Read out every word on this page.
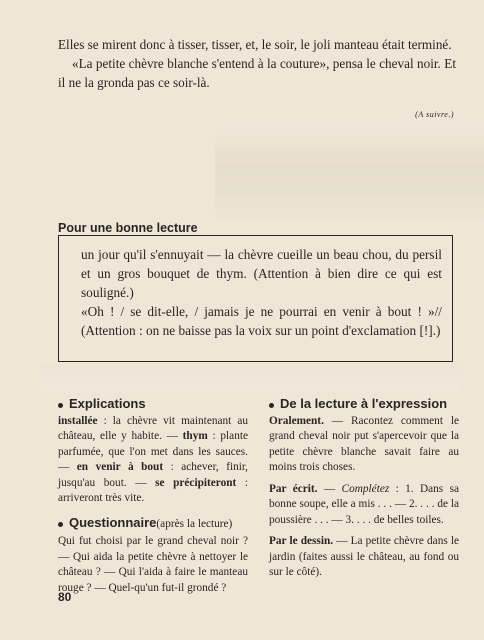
Elles se mirent donc à tisser, tisser, et, le soir, le joli manteau était terminé.

«La petite chèvre blanche s'entend à la couture», pensa le cheval noir. Et il ne la gronda pas ce soir-là.

(A suivre.)
Pour une bonne lecture

un jour qu'il s'ennuyait — la chèvre cueille un beau chou, du persil et un gros bouquet de thym. (Attention à bien dire ce qui est souligné.)

«Oh ! / se dit-elle, / jamais je ne pourrai en venir à bout ! »// (Attention : on ne baisse pas la voix sur un point d'exclamation [!].)

Explications

installée : la chèvre vit maintenant au château, elle y habite. — thym : plante parfumée, que l'on met dans les sauces. — en venir à bout : achever, finir, jusqu'au bout. — se précipiteront : arriveront très vite.

Questionnaire (après la lecture)

Qui fut choisi par le grand cheval noir ? — Qui aida la petite chèvre à nettoyer le château ? — Qui l'aida à faire le manteau rouge ? — Quel-qu'un fut-il grondé ?

De la lecture à l'expression

Oralement. — Racontez comment le grand cheval noir put s'apercevoir que la petite chèvre blanche savait faire au moins trois choses.

Par écrit. — Complétez : 1. Dans sa bonne soupe, elle a mis . . . — 2. . . . de la poussière . . . — 3. . . . de belles toiles.

Par le dessin. — La petite chèvre dans le jardin (faites aussi le château, au fond ou sur le côté).

80
